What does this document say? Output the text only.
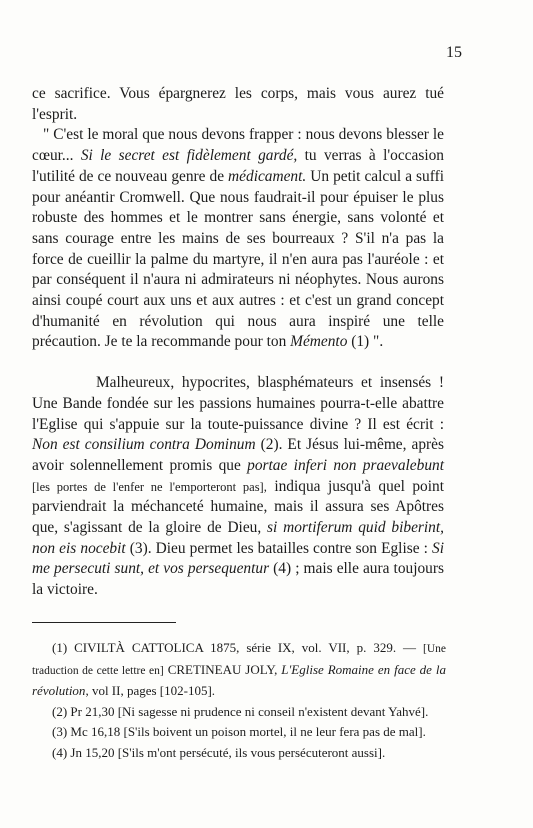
15

ce sacrifice. Vous épargnerez les corps, mais vous aurez tué l'esprit.

" C'est le moral que nous devons frapper : nous devons blesser le cœur... Si le secret est fidèlement gardé, tu verras à l'occasion l'utilité de ce nouveau genre de médicament. Un petit calcul a suffi pour anéantir Cromwell. Que nous faudrait-il pour épuiser le plus robuste des hommes et le montrer sans énergie, sans volonté et sans courage entre les mains de ses bourreaux ? S'il n'a pas la force de cueillir la palme du martyre, il n'en aura pas l'auréole : et par conséquent il n'aura ni admirateurs ni néophytes. Nous aurons ainsi coupé court aux uns et aux autres : et c'est un grand concept d'humanité en révolution qui nous aura inspiré une telle précaution. Je te la recommande pour ton Mémento (1) ".

Malheureux, hypocrites, blasphémateurs et insensés ! Une Bande fondée sur les passions humaines pourra-t-elle abattre l'Eglise qui s'appuie sur la toute-puissance divine ? Il est écrit : Non est consilium contra Dominum (2). Et Jésus lui-même, après avoir solennellement promis que portae inferi non praevalebunt [les portes de l'enfer ne l'emporteront pas], indiqua jusqu'à quel point parviendrait la méchanceté humaine, mais il assura ses Apôtres que, s'agissant de la gloire de Dieu, si mortiferum quid biberint, non eis nocebit (3). Dieu permet les batailles contre son Eglise : Si me persecuti sunt, et vos persequentur (4) ; mais elle aura toujours la victoire.

(1) CIVILTÀ CATTOLICA 1875, série IX, vol. VII, p. 329. — [Une traduction de cette lettre en] CRETINEAU JOLY, L'Eglise Romaine en face de la révolution, vol II, pages [102-105].

(2) Pr 21,30 [Ni sagesse ni prudence ni conseil n'existent devant Yahvé].

(3) Mc 16,18 [S'ils boivent un poison mortel, il ne leur fera pas de mal].

(4) Jn 15,20 [S'ils m'ont persécuté, ils vous persécuteront aussi].
